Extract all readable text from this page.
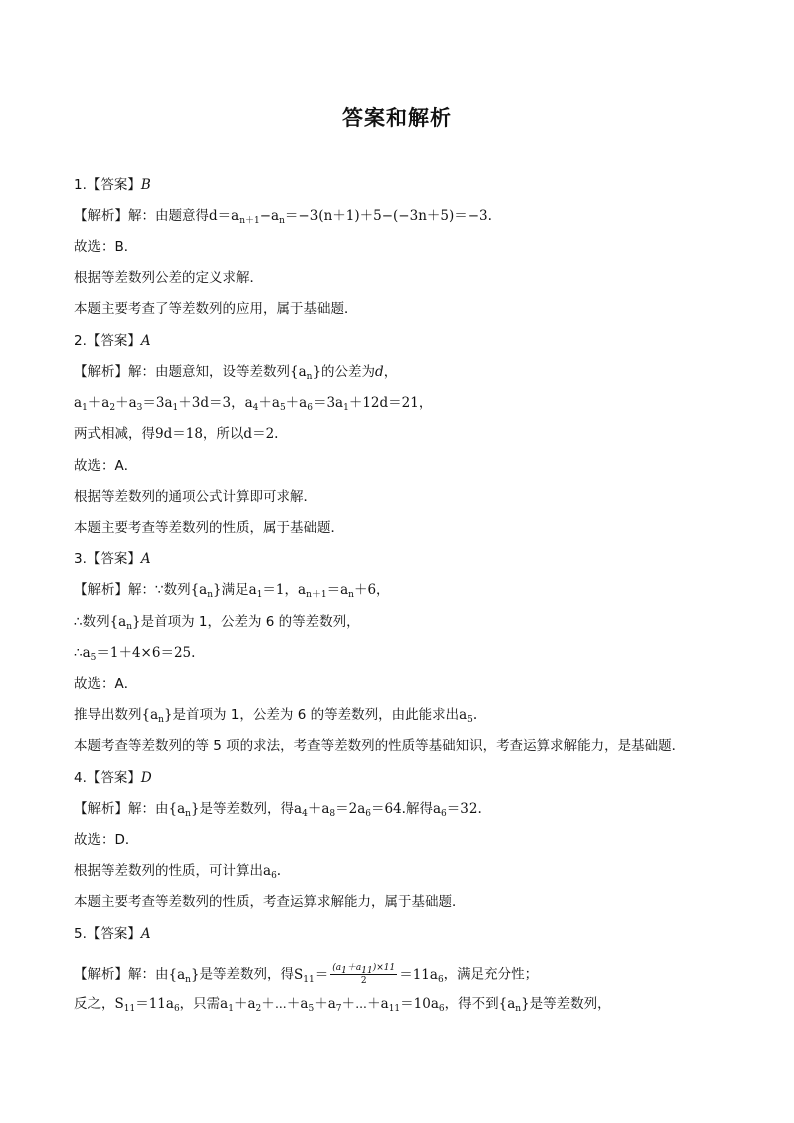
答案和解析
1.【答案】B
【解析】解：由题意得$d=a_{n+1}-a_n=-3(n+1)+5-(-3n+5)=-3$.
故选：B．
根据等差数列公差的定义求解．
本题主要考查了等差数列的应用，属于基础题．
2.【答案】A
【解析】解：由题意知，设等差数列$\{a_n\}$的公差为d，
$a_1+a_2+a_3=3a_1+3d=3$，$a_4+a_5+a_6=3a_1+12d=21$，
两式相减，得9d＝18，所以d＝2.
故选：A．
根据等差数列的通项公式计算即可求解．
本题主要考查等差数列的性质，属于基础题．
3.【答案】A
【解析】解：∵数列$\{a_n\}$满足$a_1=1$，$a_{n+1}=a_n+6$，
∴数列$\{a_n\}$是首项为 1，公差为 6 的等差数列，
$\therefore a_5=1+4\times 6=25$.
故选：A．
推导出数列$\{a_n\}$是首项为 1，公差为 6 的等差数列，由此能求出$a_5$.
本题考查等差数列的等 5 项的求法，考查等差数列的性质等基础知识，考查运算求解能力，是基础题．
4.【答案】D
【解析】解：由$\{a_n\}$是等差数列，得$a_4+a_8=2a_6=64$.解得$a_6=32$.
故选：D．
根据等差数列的性质，可计算出$a_6$.
本题主要考查等差数列的性质，考查运算求解能力，属于基础题．
5.【答案】A
【解析】解：由$\{a_n\}$是等差数列，得$S_{11}= \frac{(a_1+a_{11})\times 11}{2} =11a_6$，满足充分性；
反之，$S_{11}=11a_6$，只需$a_1+a_2+\cdots+a_5+a_7+\cdots+a_{11}=10a_6$，得不到$\{a_n\}$是等差数列，
